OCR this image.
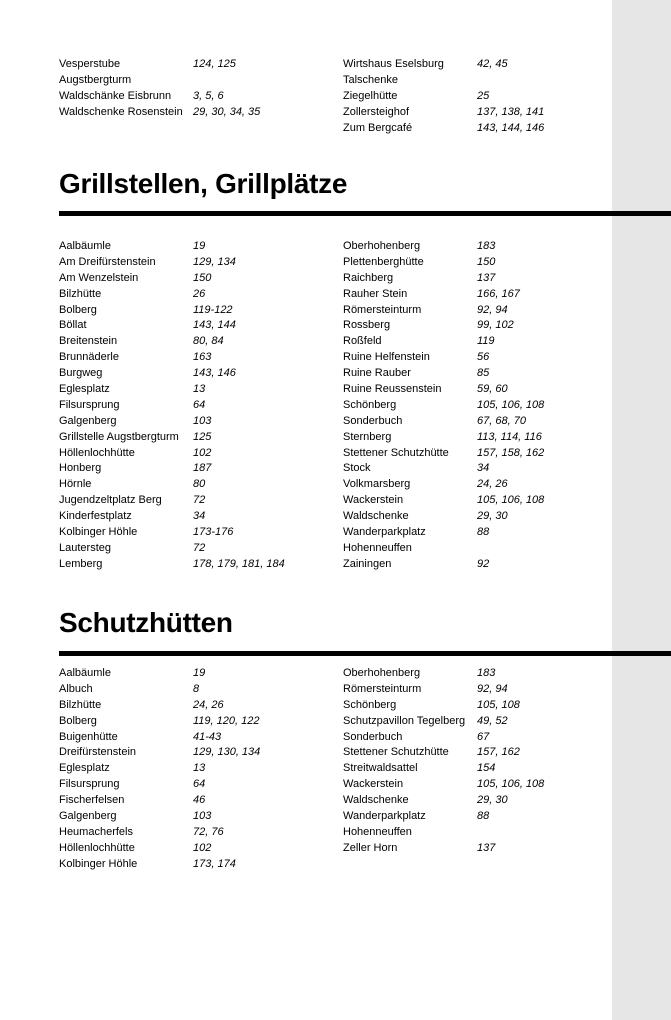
Vesperstube	124, 125
Augstbergturm
Waldschänke Eisbrunn	3, 5, 6
Waldschenke Rosenstein 29, 30, 34, 35
Wirtshaus Eselsburg	42, 45
Talschenke
Ziegelhütte	25
Zollersteighof	137, 138, 141
Zum Bergcafé	143, 144, 146
Grillstellen, Grillplätze
Aalbäumle	19
Am Dreifürstenstein	129, 134
Am Wenzelstein	150
Bilzhütte	26
Bolberg	119-122
Böllat	143, 144
Breitenstein	80, 84
Brunnäderle	163
Burgweg	143, 146
Eglesplatz	13
Filsursprung	64
Galgenberg	103
Grillstelle Augstbergturm	125
Höllenlochhütte	102
Honberg	187
Hörnle	80
Jugendzeltplatz Berg	72
Kinderfestplatz	34
Kolbinger Höhle	173-176
Lautersteg	72
Lemberg	178, 179, 181, 184
Oberhohenberg	183
Plettenberghütte	150
Raichberg	137
Rauher Stein	166, 167
Römersteinturm	92, 94
Rossberg	99, 102
Roßfeld	119
Ruine Helfenstein	56
Ruine Rauber	85
Ruine Reussenstein	59, 60
Schönberg	105, 106, 108
Sonderbuch	67, 68, 70
Sternberg	113, 114, 116
Stettener Schutzhütte	157, 158, 162
Stock	34
Volkmarsberg	24, 26
Wackerstein	105, 106, 108
Waldschenke	29, 30
Wanderparkplatz	88
Hohenneuffen
Zainingen	92
Schutzhütten
Aalbäumle	19
Albuch	8
Bilzhütte	24, 26
Bolberg	119, 120, 122
Buigenhütte	41-43
Dreifürstenstein	129, 130, 134
Eglesplatz	13
Filsursprung	64
Fischerfelsen	46
Galgenberg	103
Heumacherfels	72, 76
Höllenlochhütte	102
Kolbinger Höhle	173, 174
Oberhohenberg	183
Römersteinturm	92, 94
Schönberg	105, 108
Schutzpavillon Tegelberg	49, 52
Sonderbuch	67
Stettener Schutzhütte	157, 162
Streitwaldsattel	154
Wackerstein	105, 106, 108
Waldschenke	29, 30
Wanderparkplatz	88
Hohenneuffen
Zeller Horn	137
